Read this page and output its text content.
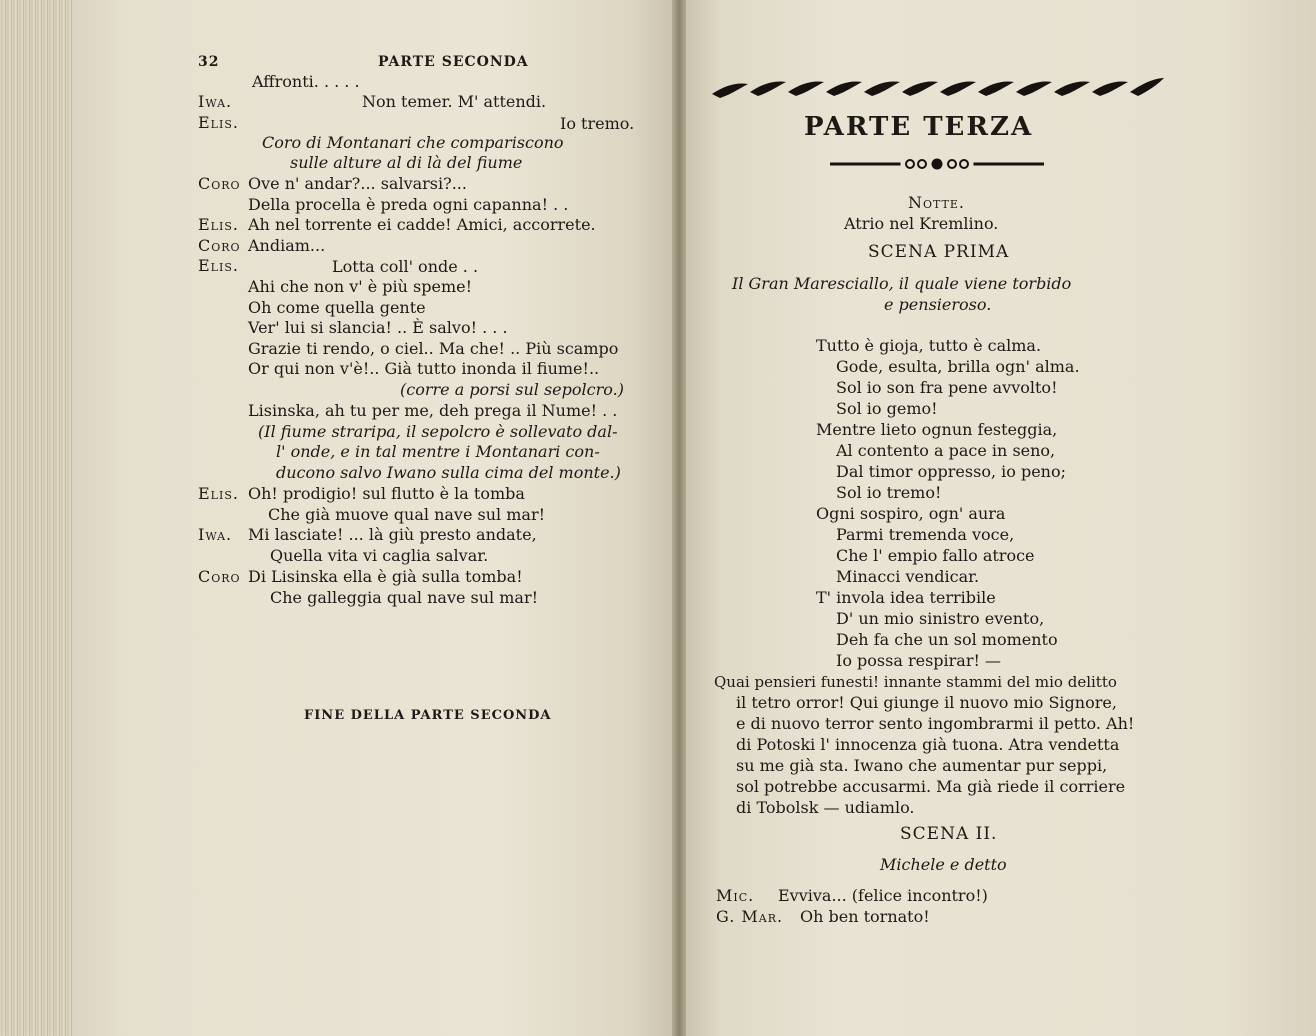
32	PARTE SECONDA
Affronti. . . . .
Iwa.	Non temer. M' attendi.
Elis.	Io tremo.
Coro di Montanari che compariscono
sulle alture al di là del fiume
Coro Ove n' andar?... salvarsi?...
Della procella è preda ogni capanna! . .
Elis. Ah nel torrente ei cadde! Amici, accorrete.
Coro Andiam...
Elis.	Lotta coll' onde . .
Ahi che non v' è più speme!
Oh come quella gente
Ver' lui si slancia! .. È salvo! . . .
Grazie ti rendo, o ciel.. Ma che! .. Più scampo
Or qui non v'è!.. Già tutto inonda il fiume!..
(corre a porsi sul sepolcro.)
Lisinska, ah tu per me, deh prega il Nume! . .
(Il fiume straripa, il sepolcro è sollevato dal-
l' onde, e in tal mentre i Montanari con-
ducono salvo Iwano sulla cima del monte.)
Elis. Oh! prodigio! sul flutto è la tomba
Che già muove qual nave sul mar!
Iwa. Mi lasciate! ... là giù presto andate,
Quella vita vi caglia salvar.
Coro Di Lisinska ella è già sulla tomba!
Che galleggia qual nave sul mar!
FINE DELLA PARTE SECONDA
PARTE TERZA
Notte.
Atrio nel Kremlino.
SCENA PRIMA
Il Gran Maresciallo, il quale viene torbido
e pensieroso.
Tutto è gioja, tutto è calma.
Gode, esulta, brilla ogn' alma.
Sol io son fra pene avvolto!
Sol io gemo!
Mentre lieto ognun festeggia,
Al contento a pace in seno,
Dal timor oppresso, io peno;
Sol io tremo!
Ogni sospiro, ogn' aura
Parmi tremenda voce,
Che l' empio fallo atroce
Minacci vendicar.
T' invola idea terribile
D' un mio sinistro evento,
Deh fa che un sol momento
Io possa respirar! —
Quai pensieri funesti! innante stammi del mio delitto
il tetro orror! Qui giunge il nuovo mio Signore,
e di nuovo terror sento ingombrarmi il petto. Ah!
di Potoski l' innocenza già tuona. Atra vendetta
su me già sta. Iwano che aumentar pur seppi,
sol potrebbe accusarmi. Ma già riede il corriere
di Tobolsk — udiamlo.
SCENA II.
Michele e detto
Mic. Evviva... (felice incontro!)
G. Mar. Oh ben tornato!
